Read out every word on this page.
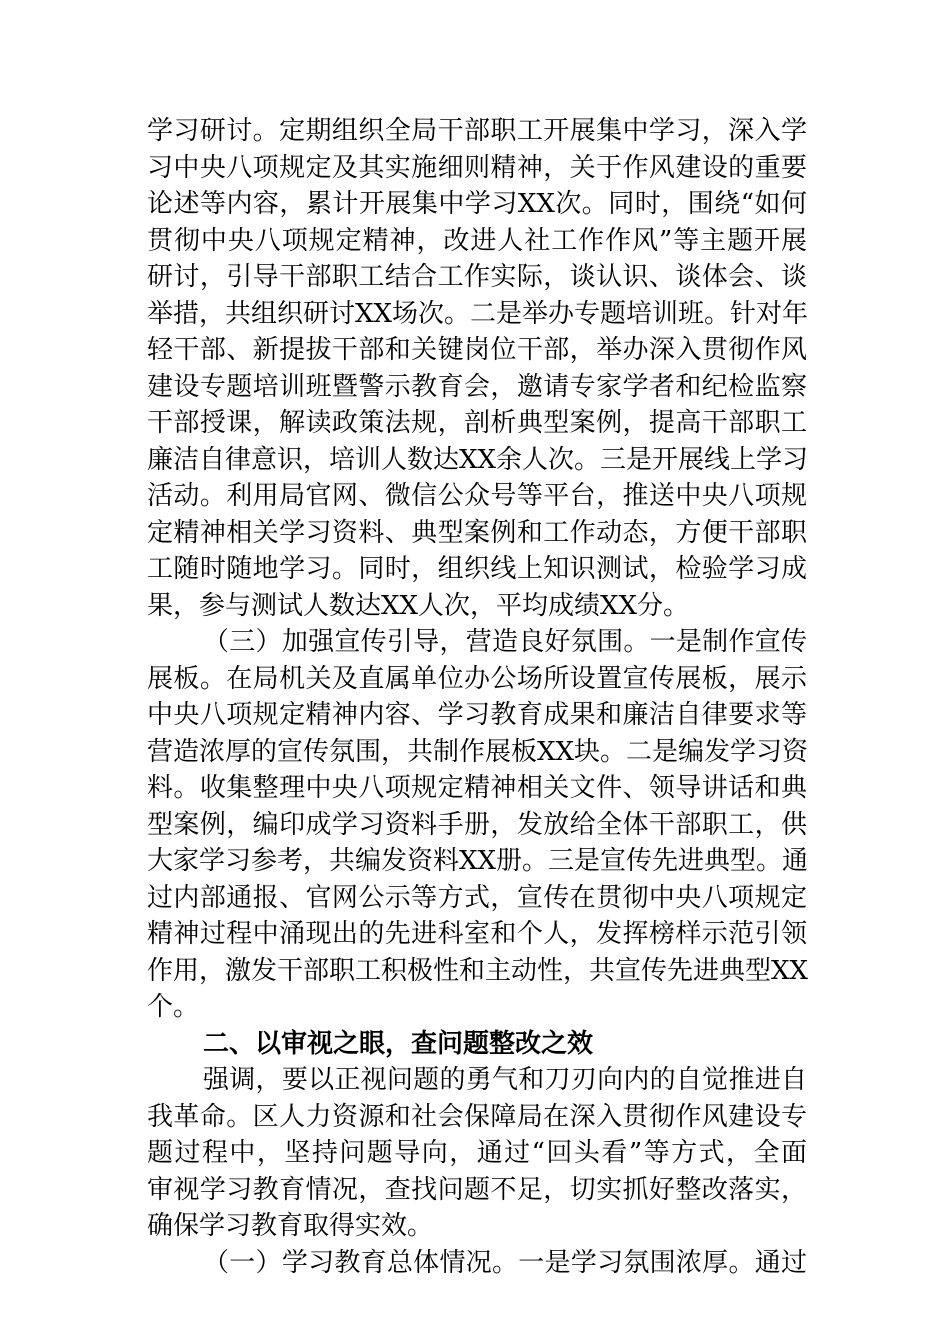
学习研讨。定期组织全局干部职工开展集中学习，深入学
习中央八项规定及其实施细则精神，关于作风建设的重要
论述等内容，累计开展集中学习XX次。同时，围绕“如何
贯彻中央八项规定精神，改进人社工作作风”等主题开展
研讨，引导干部职工结合工作实际，谈认识、谈体会、谈
举措，共组织研讨XX场次。二是举办专题培训班。针对年
轻干部、新提拔干部和关键岗位干部，举办深入贯彻作风
建设专题培训班暨警示教育会，邀请专家学者和纪检监察
干部授课，解读政策法规，剖析典型案例，提高干部职工
廉洁自律意识，培训人数达XX余人次。三是开展线上学习
活动。利用局官网、微信公众号等平台，推送中央八项规
定精神相关学习资料、典型案例和工作动态，方便干部职
工随时随地学习。同时，组织线上知识测试，检验学习成
果，参与测试人数达XX人次，平均成绩XX分。
（三）加强宣传引导，营造良好氛围。一是制作宣传
展板。在局机关及直属单位办公场所设置宣传展板，展示
中央八项规定精神内容、学习教育成果和廉洁自律要求等
营造浓厚的宣传氛围，共制作展板XX块。二是编发学习资
料。收集整理中央八项规定精神相关文件、领导讲话和典
型案例，编印成学习资料手册，发放给全体干部职工，供
大家学习参考，共编发资料XX册。三是宣传先进典型。通
过内部通报、官网公示等方式，宣传在贯彻中央八项规定
精神过程中涌现出的先进科室和个人，发挥榜样示范引领
作用，激发干部职工积极性和主动性，共宣传先进典型XX
个。
二、以审视之眼，查问题整改之效
强调，要以正视问题的勇气和刀刃向内的自觉推进自
我革命。区人力资源和社会保障局在深入贯彻作风建设专
题过程中，坚持问题导向，通过“回头看”等方式，全面
审视学习教育情况，查找问题不足，切实抓好整改落实，
确保学习教育取得实效。
（一）学习教育总体情况。一是学习氛围浓厚。通过
